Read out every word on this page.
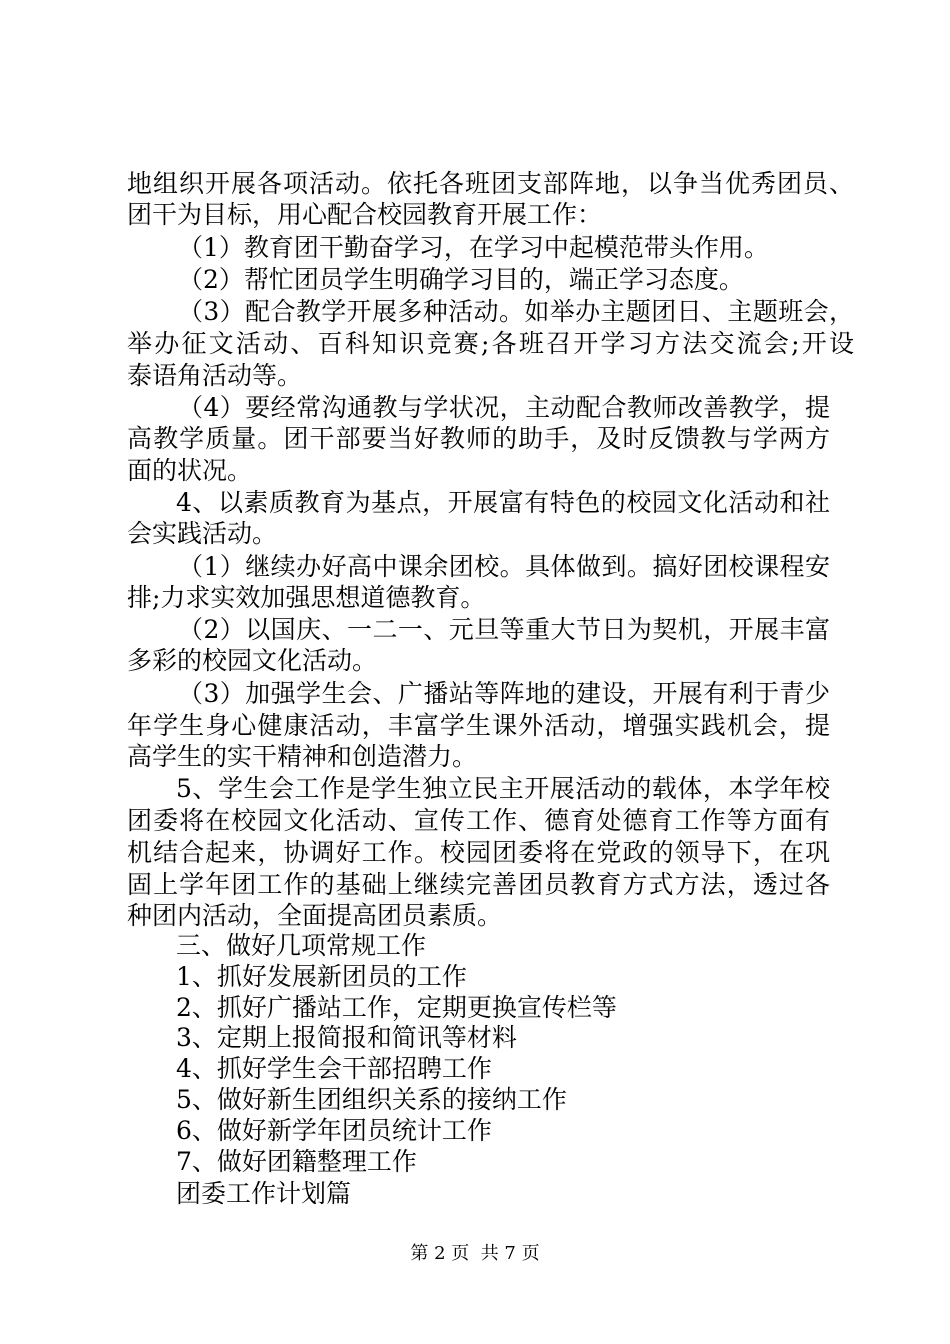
地组织开展各项活动。依托各班团支部阵地，以争当优秀团员、
团干为目标，用心配合校园教育开展工作：
（1）教育团干勤奋学习，在学习中起模范带头作用。
（2）帮忙团员学生明确学习目的，端正学习态度。
（3）配合教学开展多种活动。如举办主题团日、主题班会，
举办征文活动、百科知识竞赛;各班召开学习方法交流会;开设
泰语角活动等。
（4）要经常沟通教与学状况，主动配合教师改善教学，提
高教学质量。团干部要当好教师的助手，及时反馈教与学两方
面的状况。
4、以素质教育为基点，开展富有特色的校园文化活动和社
会实践活动。
（1）继续办好高中课余团校。具体做到。搞好团校课程安
排;力求实效加强思想道德教育。
（2）以国庆、一二一、元旦等重大节日为契机，开展丰富
多彩的校园文化活动。
（3）加强学生会、广播站等阵地的建设，开展有利于青少
年学生身心健康活动，丰富学生课外活动，增强实践机会，提
高学生的实干精神和创造潜力。
5、学生会工作是学生独立民主开展活动的载体，本学年校
团委将在校园文化活动、宣传工作、德育处德育工作等方面有
机结合起来，协调好工作。校园团委将在党政的领导下，在巩
固上学年团工作的基础上继续完善团员教育方式方法，透过各
种团内活动，全面提高团员素质。
三、做好几项常规工作
1、抓好发展新团员的工作
2、抓好广播站工作，定期更换宣传栏等
3、定期上报简报和简讯等材料
4、抓好学生会干部招聘工作
5、做好新生团组织关系的接纳工作
6、做好新学年团员统计工作
7、做好团籍整理工作
团委工作计划篇
第 2 页  共 7 页
